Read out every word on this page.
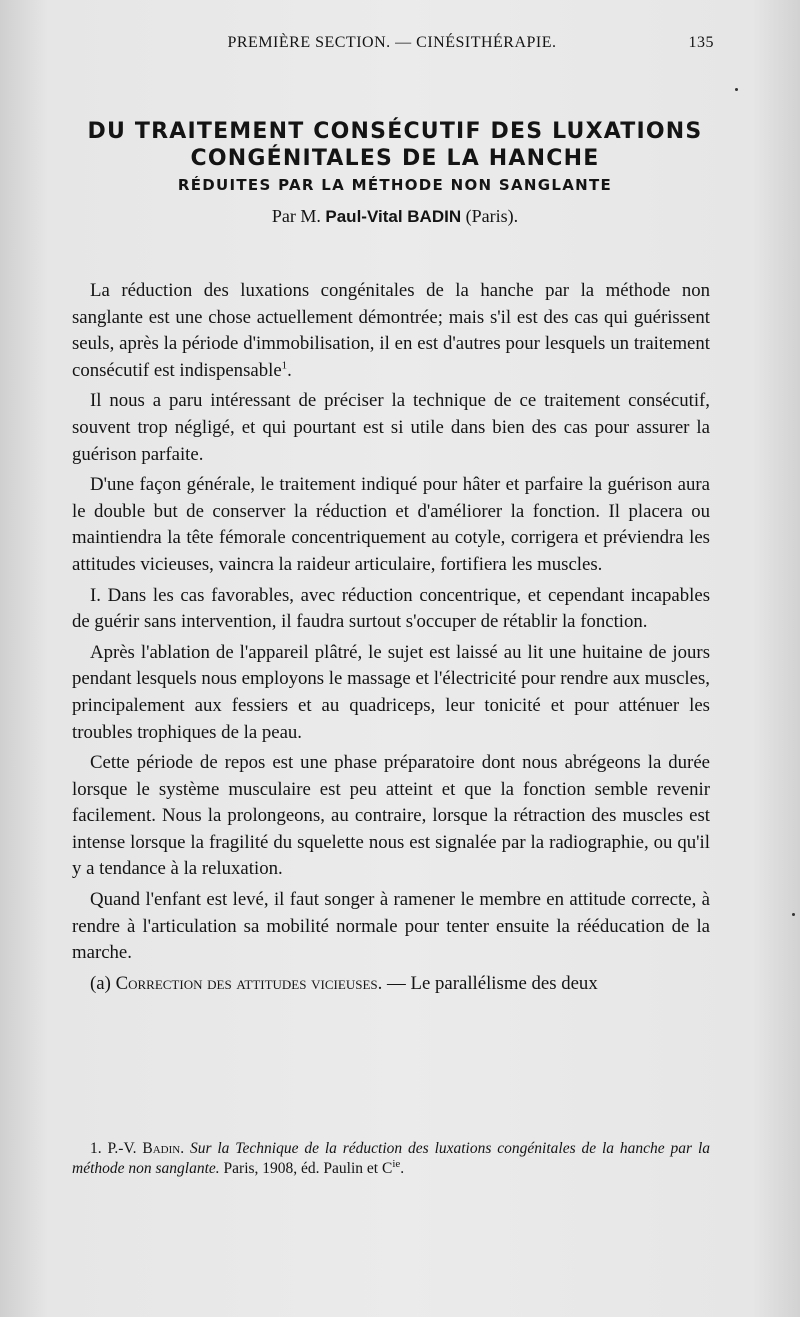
PREMIÈRE SECTION. — CINÉSITHÉRAPIE.	135
DU TRAITEMENT CONSÉCUTIF DES LUXATIONS
CONGÉNITALES DE LA HANCHE
RÉDUITES PAR LA MÉTHODE NON SANGLANTE
Par M. Paul-Vital BADIN (Paris).

La réduction des luxations congénitales de la hanche par la méthode non sanglante est une chose actuellement démontrée; mais s'il est des cas qui guérissent seuls, après la période d'immobilisation, il en est d'autres pour lesquels un traitement consécutif est indispensable$^1$.

Il nous a paru intéressant de préciser la technique de ce traitement consécutif, souvent trop négligé, et qui pourtant est si utile dans bien des cas pour assurer la guérison parfaite.

D'une façon générale, le traitement indiqué pour hâter et parfaire la guérison aura le double but de conserver la réduction et d'améliorer la fonction. Il placera ou maintiendra la tête fémorale concentriquement au cotyle, corrigera et préviendra les attitudes vicieuses, vaincra la raideur articulaire, fortifiera les muscles.

I. Dans les cas favorables, avec réduction concentrique, et cependant incapables de guérir sans intervention, il faudra surtout s'occuper de rétablir la fonction.

Après l'ablation de l'appareil plâtré, le sujet est laissé au lit une huitaine de jours pendant lesquels nous employons le massage et l'électricité pour rendre aux muscles, principalement aux fessiers et au quadriceps, leur tonicité et pour atténuer les troubles trophiques de la peau.

Cette période de repos est une phase préparatoire dont nous abrégeons la durée lorsque le système musculaire est peu atteint et que la fonction semble revenir facilement. Nous la prolongeons, au contraire, lorsque la rétraction des muscles est intense lorsque la fragilité du squelette nous est signalée par la radiographie, ou qu'il y a tendance à la reluxation.

Quand l'enfant est levé, il faut songer à ramener le membre en attitude correcte, à rendre à l'articulation sa mobilité normale pour tenter ensuite la rééducation de la marche.

(a) Correction des attitudes vicieuses. — Le parallélisme des deux

1. P.-V. Badin. Sur la Technique de la réduction des luxations congénitales de la hanche par la méthode non sanglante. Paris, 1908, éd. Paulin et $C^{ie}$.
